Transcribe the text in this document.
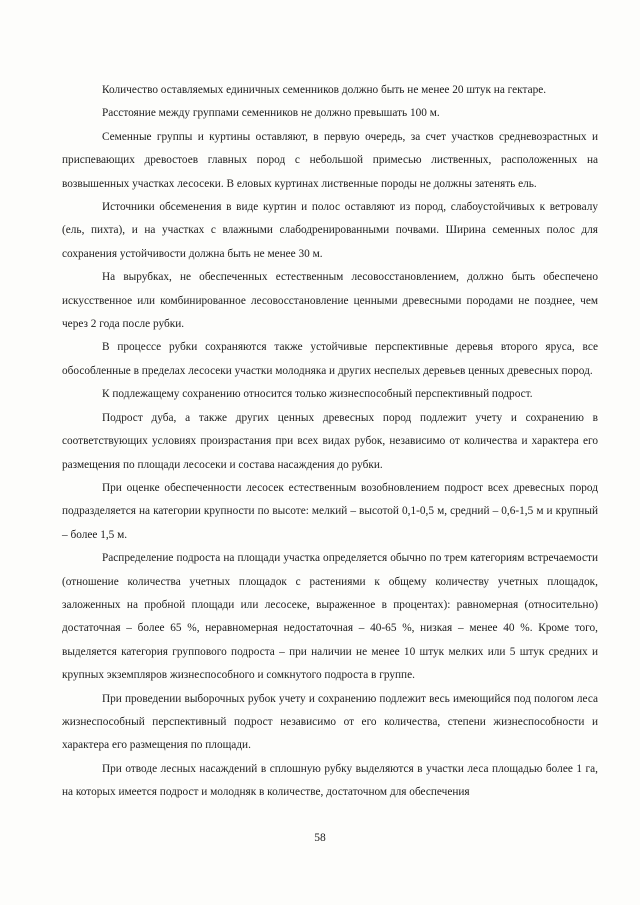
Количество оставляемых единичных семенников должно быть не менее 20 штук на гектаре.

Расстояние между группами семенников не должно превышать 100 м.

Семенные группы и куртины оставляют, в первую очередь, за счет участков средневозрастных и приспевающих древостоев главных пород с небольшой примесью лиственных, расположенных на возвышенных участках лесосеки. В еловых куртинах лиственные породы не должны затенять ель.

Источники обсеменения в виде куртин и полос оставляют из пород, слабоустойчивых к ветровалу (ель, пихта), и на участках с влажными слабодренированными почвами. Ширина семенных полос для сохранения устойчивости должна быть не менее 30 м.

На вырубках, не обеспеченных естественным лесовосстановлением, должно быть обеспечено искусственное или комбинированное лесовосстановление ценными древесными породами не позднее, чем через 2 года после рубки.

В процессе рубки сохраняются также устойчивые перспективные деревья второго яруса, все обособленные в пределах лесосеки участки молодняка и других неспелых деревьев ценных древесных пород.

К подлежащему сохранению относится только жизнеспособный перспективный подрост.

Подрост дуба, а также других ценных древесных пород подлежит учету и сохранению в соответствующих условиях произрастания при всех видах рубок, независимо от количества и характера его размещения по площади лесосеки и состава насаждения до рубки.

При оценке обеспеченности лесосек естественным возобновлением подрост всех древесных пород подразделяется на категории крупности по высоте: мелкий – высотой 0,1-0,5 м, средний – 0,6-1,5 м и крупный – более 1,5 м.

Распределение подроста на площади участка определяется обычно по трем категориям встречаемости (отношение количества учетных площадок с растениями к общему количеству учетных площадок, заложенных на пробной площади или лесосеке, выраженное в процентах): равномерная (относительно) достаточная – более 65 %, неравномерная недостаточная – 40-65 %, низкая – менее 40 %. Кроме того, выделяется категория группового подроста – при наличии не менее 10 штук мелких или 5 штук средних и крупных экземпляров жизнеспособного и сомкнутого подроста в группе.

При проведении выборочных рубок учету и сохранению подлежит весь имеющийся под пологом леса жизнеспособный перспективный подрост независимо от его количества, степени жизнеспособности и характера его размещения по площади.

При отводе лесных насаждений в сплошную рубку выделяются в участки леса площадью более 1 га, на которых имеется подрост и молодняк в количестве, достаточном для обеспечения

58
